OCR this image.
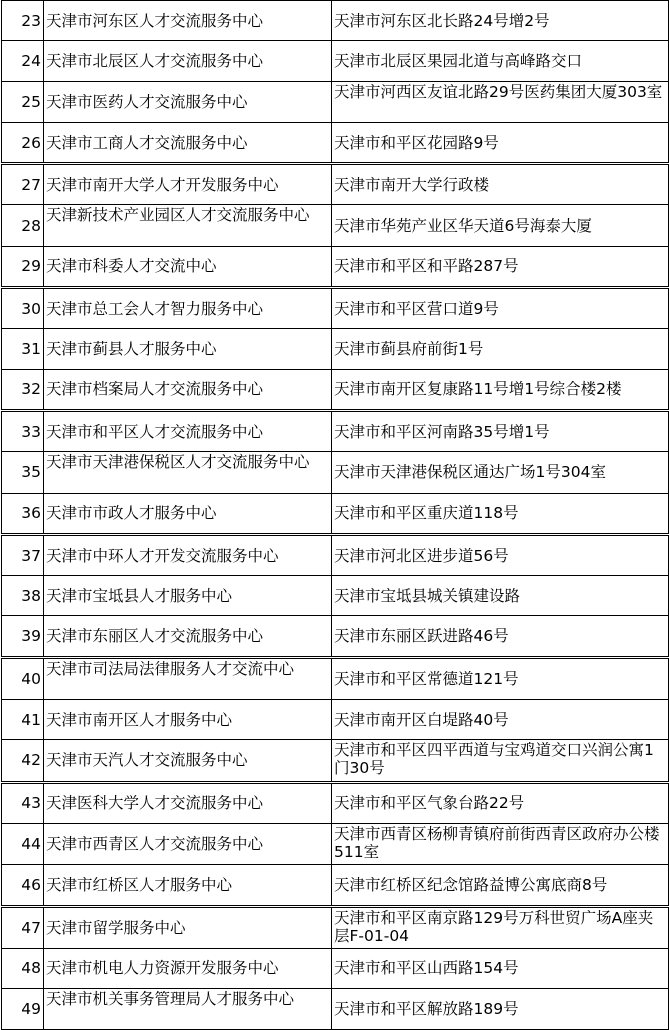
23	天津市河东区人才交流服务中心	天津市河东区北长路24号增2号
24	天津市北辰区人才交流服务中心	天津市北辰区果园北道与高峰路交口
25	天津市医药人才交流服务中心	天津市河西区友谊北路29号医药集团大厦303室
26	天津市工商人才交流服务中心	天津市和平区花园路9号
27	天津市南开大学人才开发服务中心	天津市南开大学行政楼
28	天津新技术产业园区人才交流服务中心	天津市华苑产业区华天道6号海泰大厦
29	天津市科委人才交流中心	天津市和平区和平路287号
30	天津市总工会人才智力服务中心	天津市和平区营口道9号
31	天津市蓟县人才服务中心	天津市蓟县府前街1号
32	天津市档案局人才交流服务中心	天津市南开区复康路11号增1号综合楼2楼
33	天津市和平区人才交流服务中心	天津市和平区河南路35号增1号
35	天津市天津港保税区人才交流服务中心	天津市天津港保税区通达广场1号304室
36	天津市市政人才服务中心	天津市和平区重庆道118号
37	天津市中环人才开发交流服务中心	天津市河北区进步道56号
38	天津市宝坻县人才服务中心	天津市宝坻县城关镇建设路
39	天津市东丽区人才交流服务中心	天津市东丽区跃进路46号
40	天津市司法局法律服务人才交流中心	天津市和平区常德道121号
41	天津市南开区人才服务中心	天津市南开区白堤路40号
42	天津市天汽人才交流服务中心	天津市和平区四平西道与宝鸡道交口兴润公寓1门30号
43	天津医科大学人才交流服务中心	天津市和平区气象台路22号
44	天津市西青区人才交流服务中心	天津市西青区杨柳青镇府前街西青区政府办公楼511室
46	天津市红桥区人才服务中心	天津市红桥区纪念馆路益博公寓底商8号
47	天津市留学服务中心	天津市和平区南京路129号万科世贸广场A座夹层F-01-04
48	天津市机电人力资源开发服务中心	天津市和平区山西路154号
49	天津市机关事务管理局人才服务中心	天津市和平区解放路189号
